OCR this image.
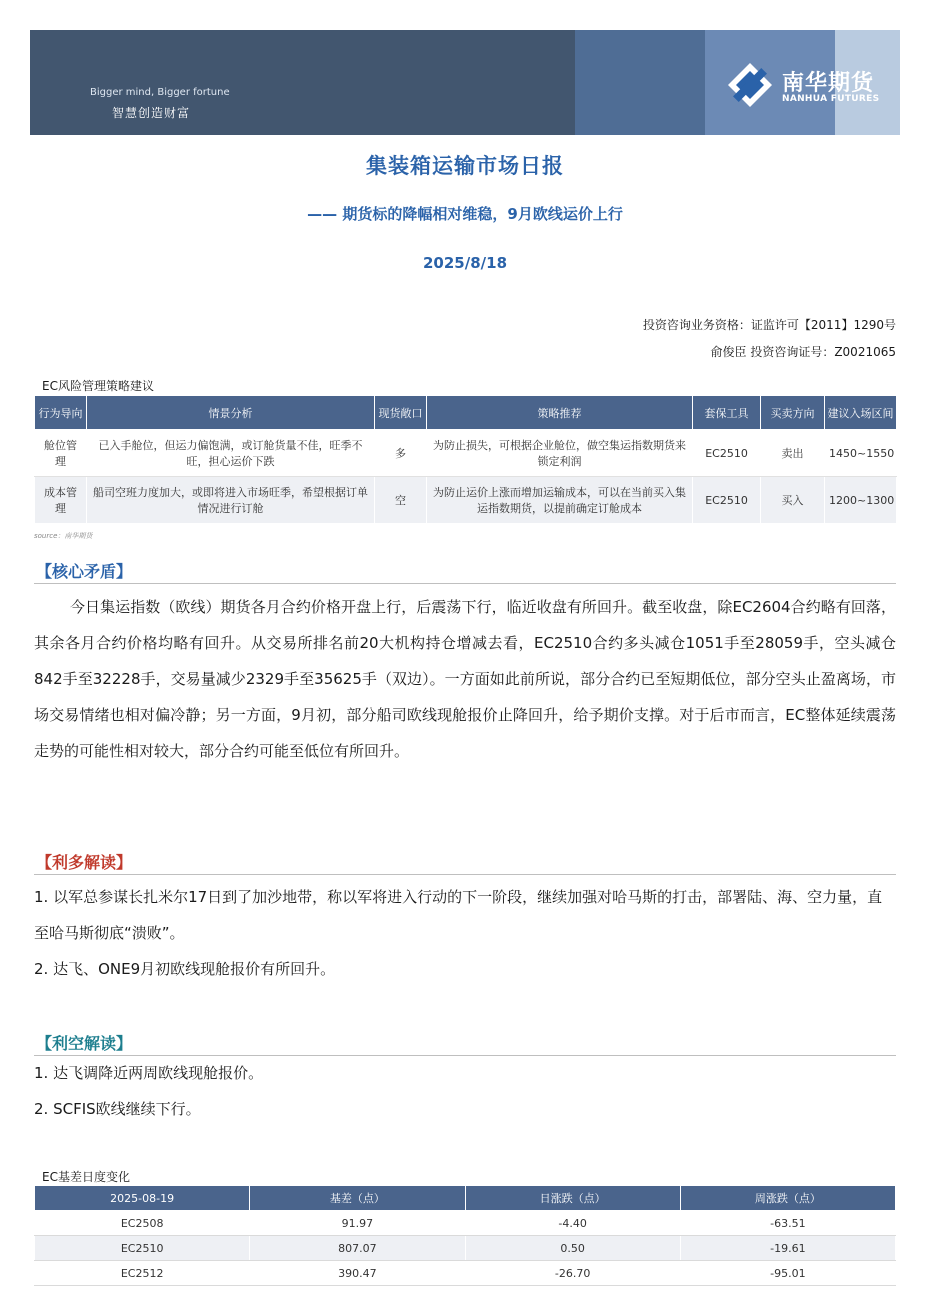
Bigger mind, Bigger fortune
智慧创造财富
南华期货
NANHUA FUTURES
集装箱运输市场日报
—— 期货标的降幅相对维稳，9月欧线运价上行
2025/8/18
投资咨询业务资格：证监许可【2011】1290号
俞俊臣 投资咨询证号：Z0021065
EC风险管理策略建议
行为导向	情景分析	现货敞口	策略推荐	套保工具	买卖方向	建议入场区间
舱位管理	已入手舱位，但运力偏饱满，或订舱货量不佳，旺季不旺，担心运价下跌	多	为防止损失，可根据企业舱位，做空集运指数期货来锁定利润	EC2510	卖出	1450~1550
成本管理	船司空班力度加大，或即将进入市场旺季，希望根据订单情况进行订舱	空	为防止运价上涨而增加运输成本，可以在当前买入集运指数期货，以提前确定订舱成本	EC2510	买入	1200~1300
source：南华期货
【核心矛盾】

今日集运指数（欧线）期货各月合约价格开盘上行，后震荡下行，临近收盘有所回升。截至收盘，除EC2604合约略有回落，其余各月合约价格均略有回升。从交易所排名前20大机构持仓增减去看，EC2510合约多头减仓1051手至28059手，空头减仓842手至32228手，交易量减少2329手至35625手（双边）。一方面如此前所说，部分合约已至短期低位，部分空头止盈离场，市场交易情绪也相对偏冷静；另一方面，9月初，部分船司欧线现舱报价止降回升，给予期价支撑。对于后市而言，EC整体延续震荡走势的可能性相对较大，部分合约可能至低位有所回升。

【利多解读】
1. 以军总参谋长扎米尔17日到了加沙地带，称以军将进入行动的下一阶段，继续加强对哈马斯的打击，部署陆、海、空力量，直至哈马斯彻底“溃败”。
2. 达飞、ONE9月初欧线现舱报价有所回升。
【利空解读】
1. 达飞调降近两周欧线现舱报价。
2. SCFIS欧线继续下行。
EC基差日度变化
2025-08-19	基差（点）	日涨跌（点）	周涨跌（点）
EC2508	91.97	-4.40	-63.51
EC2510	807.07	0.50	-19.61
EC2512	390.47	-26.70	-95.01
